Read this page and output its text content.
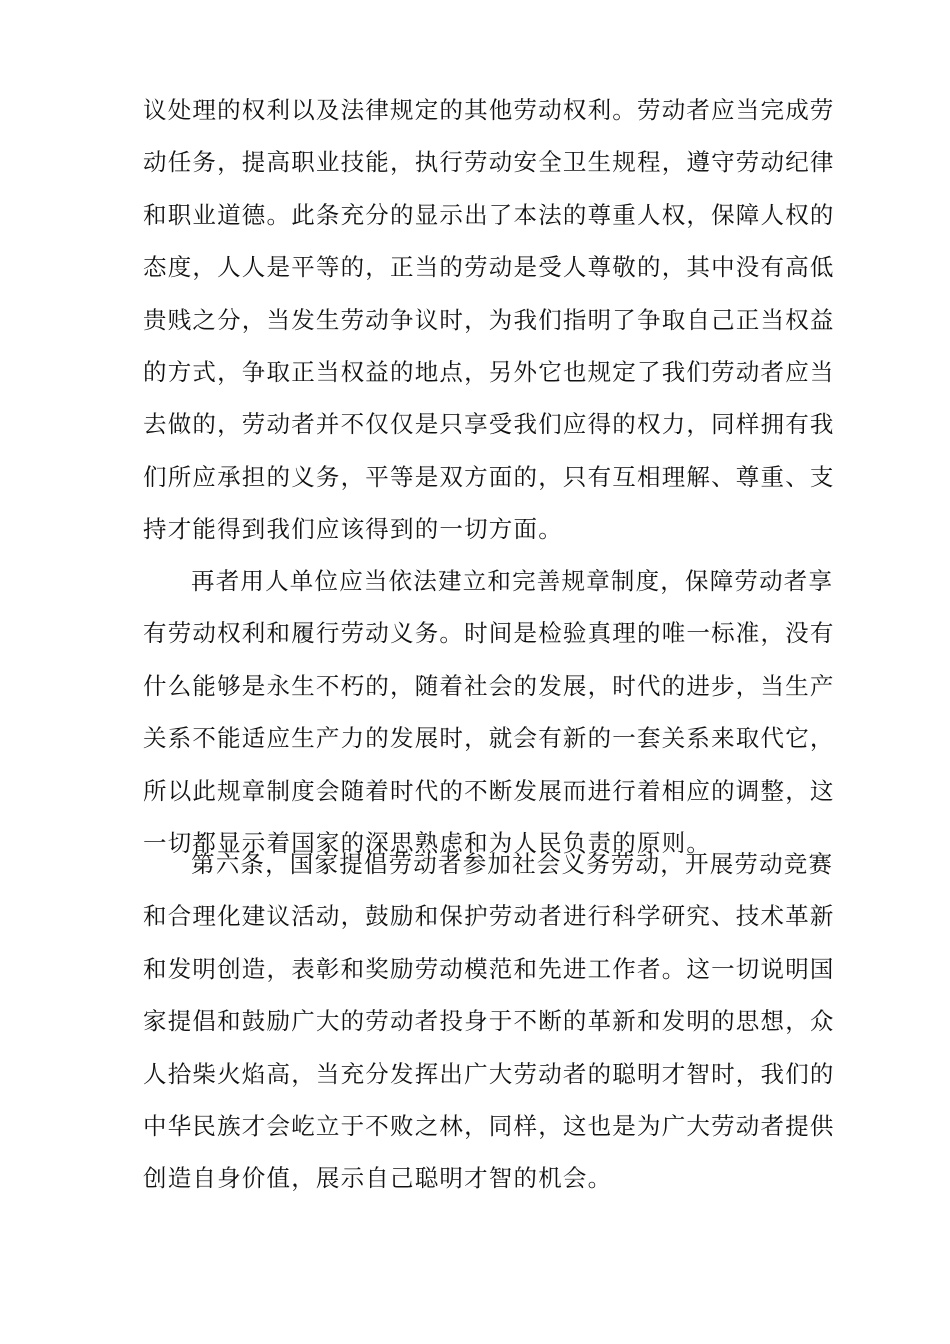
议处理的权利以及法律规定的其他劳动权利。劳动者应当完成劳
动任务，提高职业技能，执行劳动安全卫生规程，遵守劳动纪律
和职业道德。此条充分的显示出了本法的尊重人权，保障人权的
态度，人人是平等的，正当的劳动是受人尊敬的，其中没有高低
贵贱之分，当发生劳动争议时，为我们指明了争取自己正当权益
的方式，争取正当权益的地点，另外它也规定了我们劳动者应当
去做的，劳动者并不仅仅是只享受我们应得的权力，同样拥有我
们所应承担的义务，平等是双方面的，只有互相理解、尊重、支
持才能得到我们应该得到的一切方面。
再者用人单位应当依法建立和完善规章制度，保障劳动者享
有劳动权利和履行劳动义务。时间是检验真理的唯一标准，没有
什么能够是永生不朽的，随着社会的发展，时代的进步，当生产
关系不能适应生产力的发展时，就会有新的一套关系来取代它，
所以此规章制度会随着时代的不断发展而进行着相应的调整，这
一切都显示着国家的深思熟虑和为人民负责的原则。
第六条，国家提倡劳动者参加社会义务劳动，开展劳动竞赛
和合理化建议活动，鼓励和保护劳动者进行科学研究、技术革新
和发明创造，表彰和奖励劳动模范和先进工作者。这一切说明国
家提倡和鼓励广大的劳动者投身于不断的革新和发明的思想，众
人拾柴火焰高，当充分发挥出广大劳动者的聪明才智时，我们的
中华民族才会屹立于不败之林，同样，这也是为广大劳动者提供
创造自身价值，展示自己聪明才智的机会。
